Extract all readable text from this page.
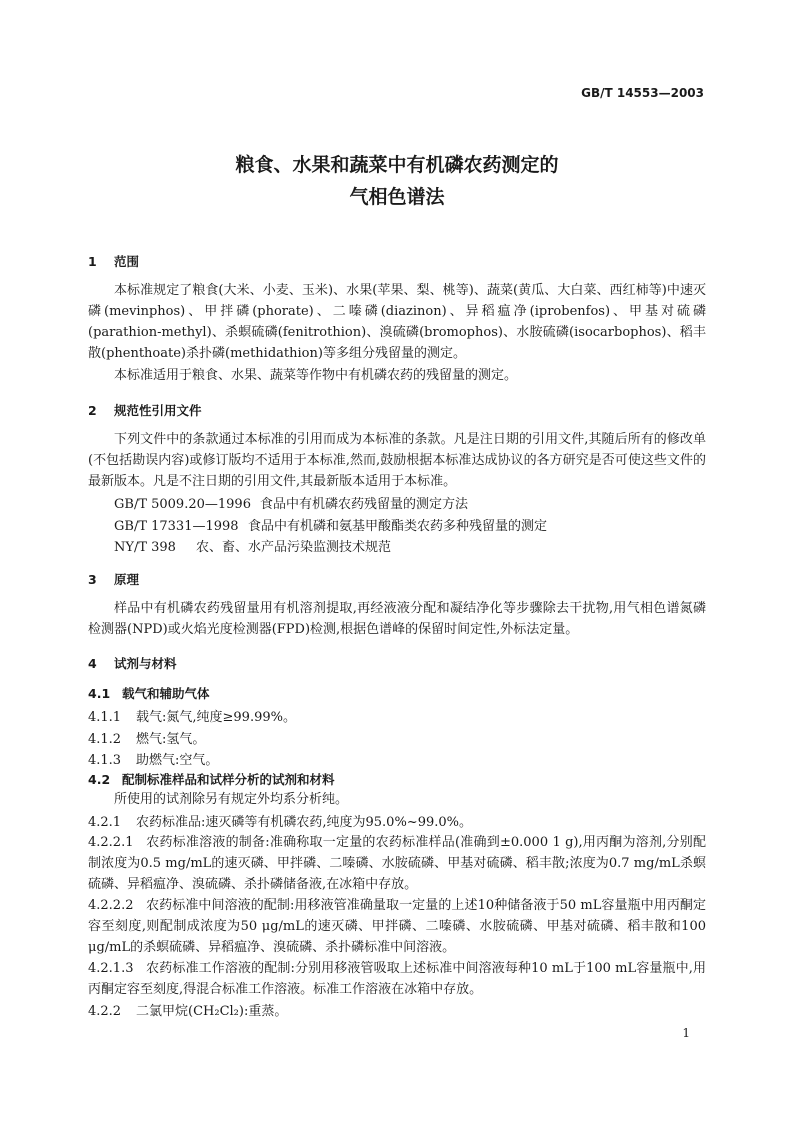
GB/T 14553—2003
粮食、水果和蔬菜中有机磷农药测定的
气相色谱法
1 范围
本标准规定了粮食(大米、小麦、玉米)、水果(苹果、梨、桃等)、蔬菜(黄瓜、大白菜、西红柿等)中速灭磷(mevinphos)、甲拌磷(phorate)、二嗪磷(diazinon)、异稻瘟净(iprobenfos)、甲基对硫磷(parathion-methyl)、杀螟硫磷(fenitrothion)、溴硫磷(bromophos)、水胺硫磷(isocarbophos)、稻丰散(phenthoate)杀扑磷(methidathion)等多组分残留量的测定。
本标准适用于粮食、水果、蔬菜等作物中有机磷农药的残留量的测定。
2 规范性引用文件
下列文件中的条款通过本标准的引用而成为本标准的条款。凡是注日期的引用文件,其随后所有的修改单(不包括勘误内容)或修订版均不适用于本标准,然而,鼓励根据本标准达成协议的各方研究是否可使这些文件的最新版本。凡是不注日期的引用文件,其最新版本适用于本标准。
GB/T 5009.20—1996 食品中有机磷农药残留量的测定方法
GB/T 17331—1998 食品中有机磷和氨基甲酸酯类农药多种残留量的测定
NY/T 398 农、畜、水产品污染监测技术规范
3 原理
样品中有机磷农药残留量用有机溶剂提取,再经液液分配和凝结净化等步骤除去干扰物,用气相色谱氮磷检测器(NPD)或火焰光度检测器(FPD)检测,根据色谱峰的保留时间定性,外标法定量。
4 试剂与材料
4.1 载气和辅助气体
4.1.1 载气:氮气,纯度≥99.99%。
4.1.2 燃气:氢气。
4.1.3 助燃气:空气。
4.2 配制标准样品和试样分析的试剂和材料
所使用的试剂除另有规定外均系分析纯。
4.2.1 农药标准品:速灭磷等有机磷农药,纯度为95.0%~99.0%。
4.2.2.1 农药标准溶液的制备:准确称取一定量的农药标准样品(准确到±0.000 1 g),用丙酮为溶剂,分别配制浓度为0.5 mg/mL的速灭磷、甲拌磷、二嗪磷、水胺硫磷、甲基对硫磷、稻丰散;浓度为0.7 mg/mL杀螟硫磷、异稻瘟净、溴硫磷、杀扑磷储备液,在冰箱中存放。
4.2.2.2 农药标准中间溶液的配制:用移液管准确量取一定量的上述10种储备液于50 mL容量瓶中用丙酮定容至刻度,则配制成浓度为50 μg/mL的速灭磷、甲拌磷、二嗪磷、水胺硫磷、甲基对硫磷、稻丰散和100 μg/mL的杀螟硫磷、异稻瘟净、溴硫磷、杀扑磷标准中间溶液。
4.2.1.3 农药标准工作溶液的配制:分别用移液管吸取上述标准中间溶液每种10 mL于100 mL容量瓶中,用丙酮定容至刻度,得混合标准工作溶液。标准工作溶液在冰箱中存放。
4.2.2 二氯甲烷(CH₂Cl₂):重蒸。
1
